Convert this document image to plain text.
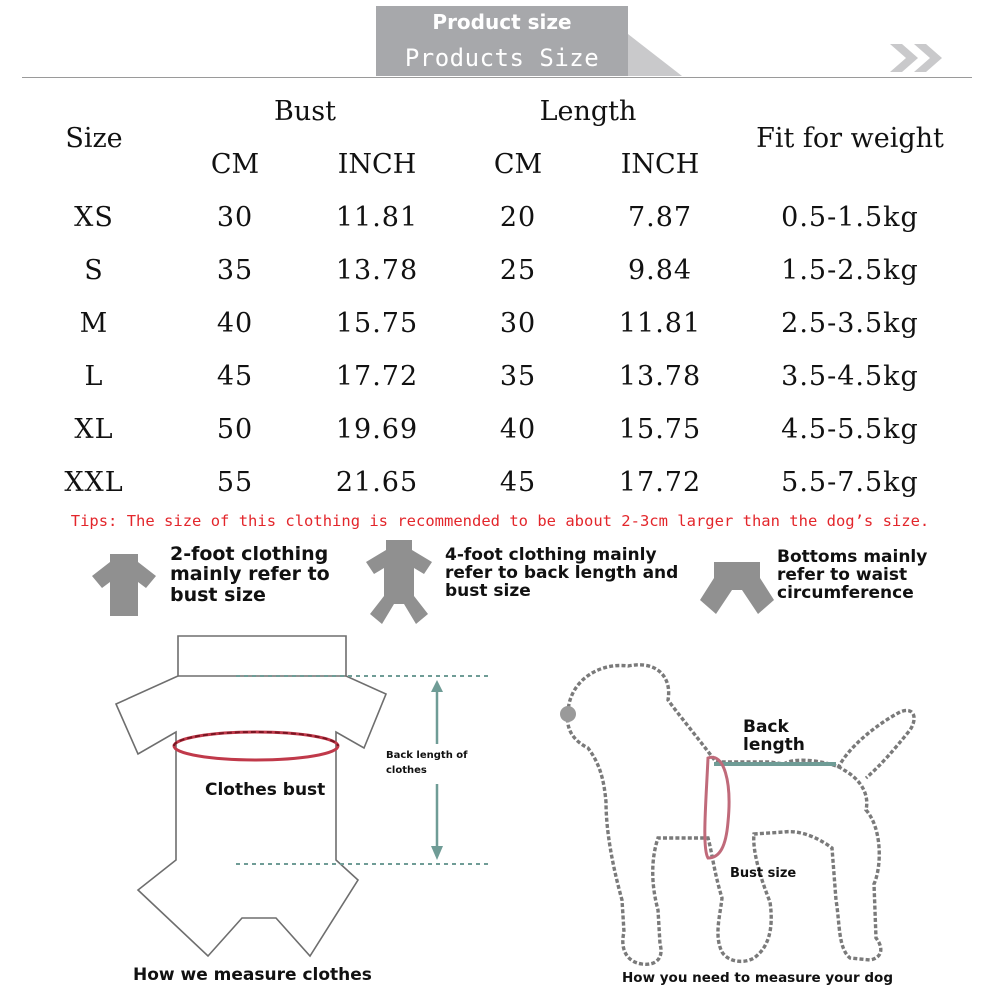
Product size
Products Size
Size
Bust	Length
Fit for weight
CM	INCH	CM	INCH
XS	30	11.81	20	7.87	0.5-1.5kg
S	35	13.78	25	9.84	1.5-2.5kg
M	40	15.75	30	11.81	2.5-3.5kg
L	45	17.72	35	13.78	3.5-4.5kg
XL	50	19.69	40	15.75	4.5-5.5kg
XXL	55	21.65	45	17.72	5.5-7.5kg
Tips: The size of this clothing is recommended to be about 2-3cm larger than the dog’s size.
2-foot clothing mainly refer to bust size
4-foot clothing mainly refer to back length and bust size
Bottoms mainly refer to waist circumference
Clothes bust
Back length of clothes
How we measure clothes
Back length
Bust size
How you need to measure your dog
